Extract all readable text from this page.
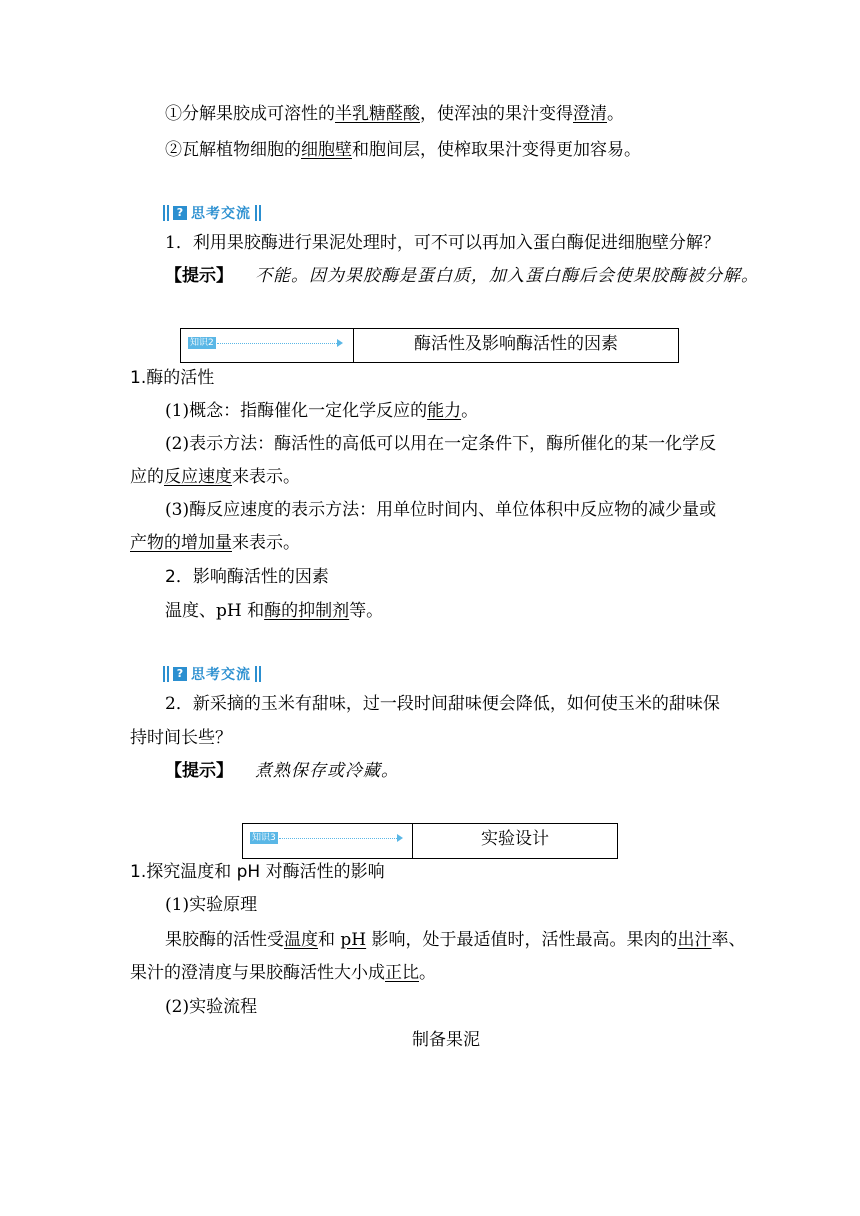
①分解果胶成可溶性的半乳糖醛酸，使浑浊的果汁变得澄清。
②瓦解植物细胞的细胞壁和胞间层，使榨取果汁变得更加容易。
? 思考交流
1．利用果胶酶进行果泥处理时，可不可以再加入蛋白酶促进细胞壁分解？
【提示】 不能。因为果胶酶是蛋白质，加入蛋白酶后会使果胶酶被分解。
知识2	酶活性及影响酶活性的因素
1.酶的活性
(1)概念：指酶催化一定化学反应的能力。
(2)表示方法：酶活性的高低可以用在一定条件下，酶所催化的某一化学反
应的反应速度来表示。
(3)酶反应速度的表示方法：用单位时间内、单位体积中反应物的减少量或
产物的增加量来表示。
2．影响酶活性的因素
温度、pH 和酶的抑制剂等。
? 思考交流
2．新采摘的玉米有甜味，过一段时间甜味便会降低，如何使玉米的甜味保
持时间长些？
【提示】 煮熟保存或冷藏。
知识3	实验设计
1.探究温度和 pH 对酶活性的影响
(1)实验原理
果胶酶的活性受温度和 pH 影响，处于最适值时，活性最高。果肉的出汁率、
果汁的澄清度与果胶酶活性大小成正比。
(2)实验流程
制备果泥
